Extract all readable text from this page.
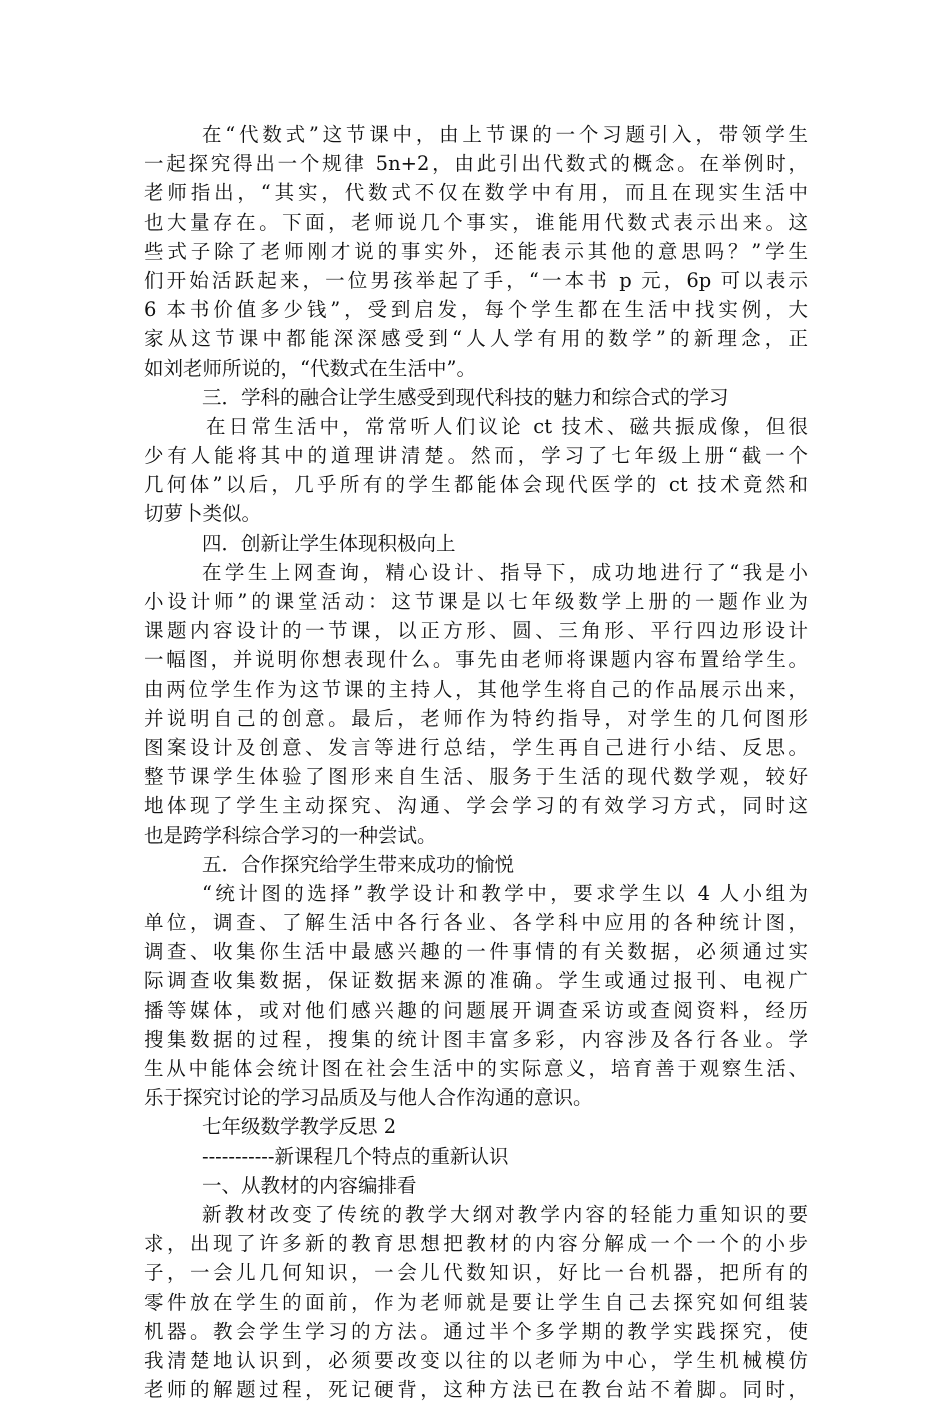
在“代数式”这节课中，由上节课的一个习题引入，带领学生
一起探究得出一个规律 5n+2，由此引出代数式的概念。在举例时，
老师指出，“其实，代数式不仅在数学中有用，而且在现实生活中
也大量存在。下面，老师说几个事实，谁能用代数式表示出来。这
些式子除了老师刚才说的事实外，还能表示其他的意思吗？”学生
们开始活跃起来，一位男孩举起了手，“一本书 p 元，6p 可以表示
6 本书价值多少钱”，受到启发，每个学生都在生活中找实例，大
家从这节课中都能深深感受到“人人学有用的数学”的新理念，正
如刘老师所说的，“代数式在生活中”。
三．学科的融合让学生感受到现代科技的魅力和综合式的学习
在日常生活中，常常听人们议论 ct 技术、磁共振成像，但很
少有人能将其中的道理讲清楚。然而，学习了七年级上册“截一个
几何体”以后，几乎所有的学生都能体会现代医学的 ct 技术竟然和
切萝卜类似。
四．创新让学生体现积极向上
在学生上网查询，精心设计、指导下，成功地进行了“我是小
小设计师”的课堂活动：这节课是以七年级数学上册的一题作业为
课题内容设计的一节课，以正方形、圆、三角形、平行四边形设计
一幅图，并说明你想表现什么。事先由老师将课题内容布置给学生。
由两位学生作为这节课的主持人，其他学生将自己的作品展示出来，
并说明自己的创意。最后，老师作为特约指导，对学生的几何图形
图案设计及创意、发言等进行总结，学生再自己进行小结、反思。
整节课学生体验了图形来自生活、服务于生活的现代数学观，较好
地体现了学生主动探究、沟通、学会学习的有效学习方式，同时这
也是跨学科综合学习的一种尝试。
五．合作探究给学生带来成功的愉悦
“统计图的选择”教学设计和教学中，要求学生以 4 人小组为
单位，调查、了解生活中各行各业、各学科中应用的各种统计图，
调查、收集你生活中最感兴趣的一件事情的有关数据，必须通过实
际调查收集数据，保证数据来源的准确。学生或通过报刊、电视广
播等媒体，或对他们感兴趣的问题展开调查采访或查阅资料，经历
搜集数据的过程，搜集的统计图丰富多彩，内容涉及各行各业。学
生从中能体会统计图在社会生活中的实际意义，培育善于观察生活、
乐于探究讨论的学习品质及与他人合作沟通的意识。
七年级数学教学反思 2
-----------新课程几个特点的重新认识
一、从教材的内容编排看
新教材改变了传统的教学大纲对教学内容的轻能力重知识的要
求，出现了许多新的教育思想把教材的内容分解成一个一个的小步
子，一会儿几何知识，一会儿代数知识，好比一台机器，把所有的
零件放在学生的面前，作为老师就是要让学生自己去探究如何组装
机器。教会学生学习的方法。通过半个多学期的教学实践探究，使
我清楚地认识到，必须要改变以往的以老师为中心，学生机械模仿
老师的解题过程，死记硬背，这种方法已在教台站不着脚。同时，
